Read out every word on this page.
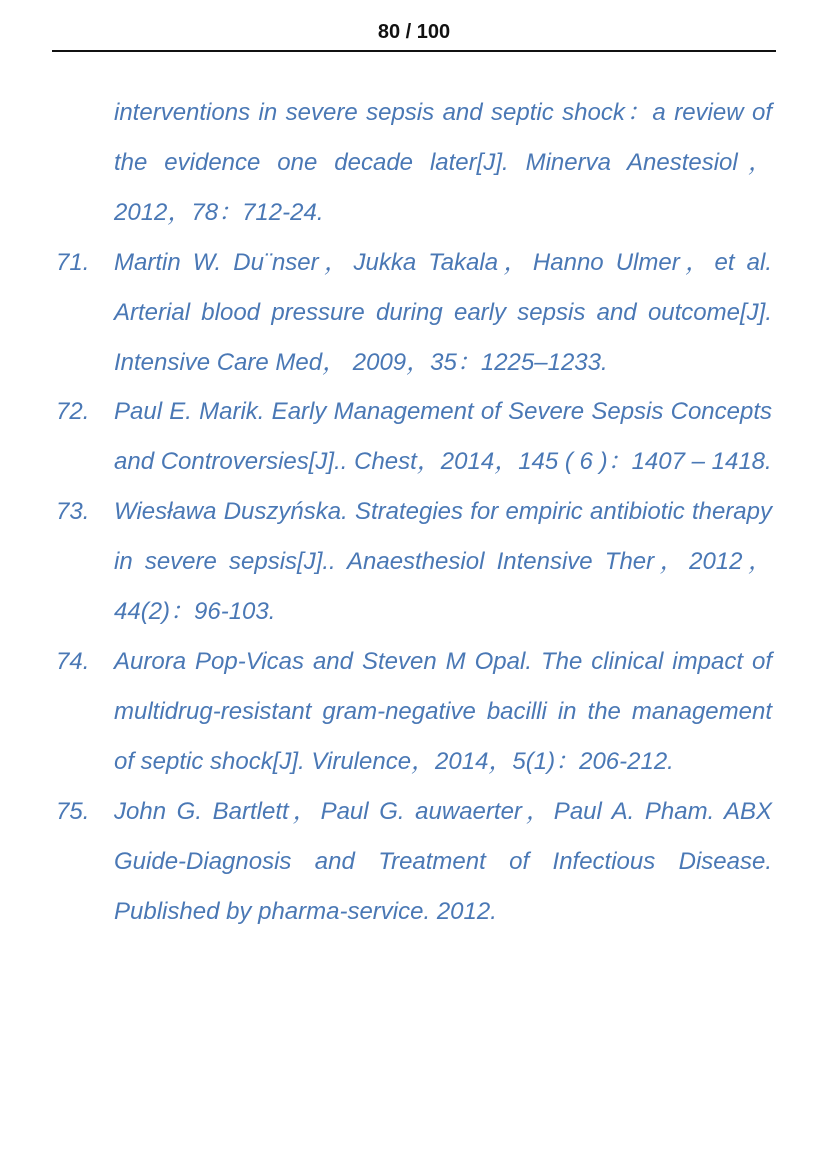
80 / 100
interventions in severe sepsis and septic shock：a review of the evidence one decade later[J]. Minerva Anestesiol，2012，78：712-24.
71.	Martin W. Du¨nser，Jukka Takala，Hanno Ulmer，et al. Arterial blood pressure during early sepsis and outcome[J]. Intensive Care Med， 2009，35：1225–1233.
72.	Paul E. Marik. Early Management of Severe Sepsis Concepts and Controversies[J].. Chest，2014，145 ( 6 )：1407 – 1418.
73.	Wiesława Duszyńska. Strategies for empiric antibiotic therapy in severe sepsis[J].. Anaesthesiol Intensive Ther，2012，44(2)：96-103.
74.	Aurora Pop-Vicas and Steven M Opal. The clinical impact of multidrug-resistant gram-negative bacilli in the management of septic shock[J]. Virulence，2014，5(1)：206-212.
75.	John G. Bartlett，Paul G. auwaerter，Paul A. Pham. ABX Guide-Diagnosis and Treatment of Infectious Disease. Published by pharma-service. 2012.
